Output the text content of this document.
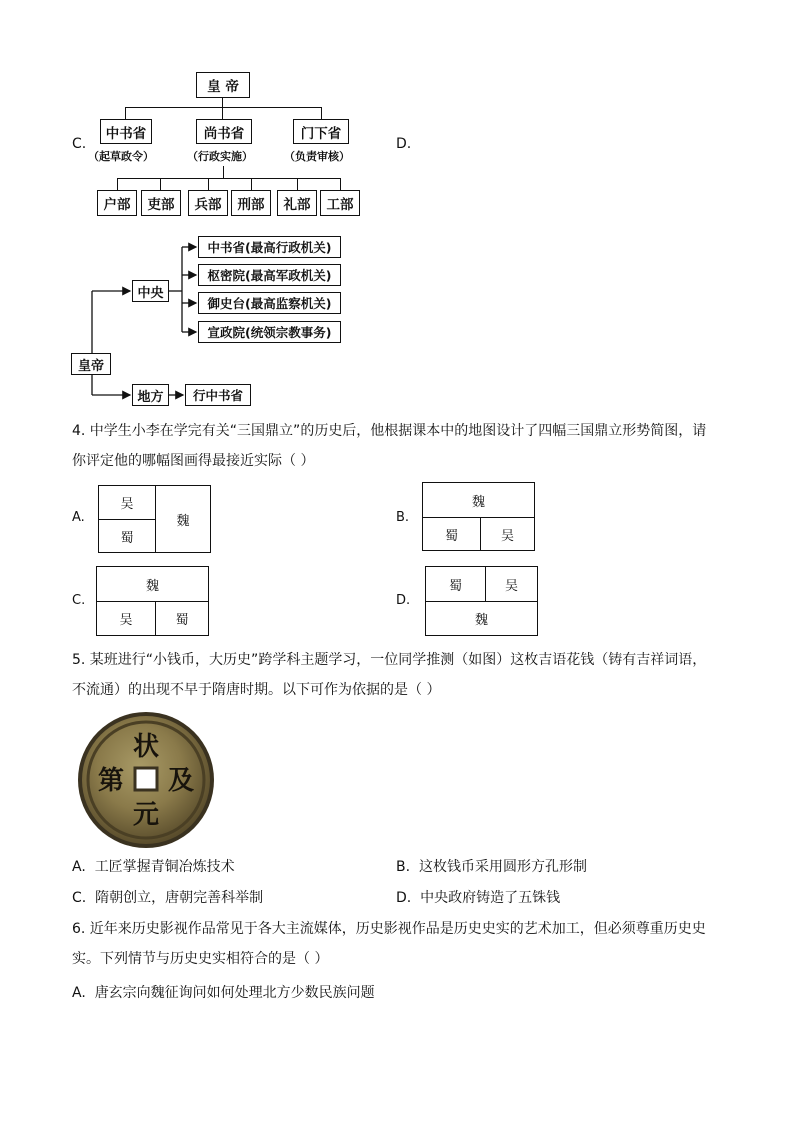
C.	D.
皇 帝
中书省	尚书省	门下省
（起草政令）	（行政实施）	（负责审核）
户部	吏部	兵部	刑部	礼部	工部
皇帝
中央
地方
中书省(最高行政机关)
枢密院(最高军政机关)
御史台(最高监察机关)
宣政院(统领宗教事务)
行中书省
4. 中学生小李在学完有关“三国鼎立”的历史后，他根据课本中的地图设计了四幅三国鼎立形势简图，请
你评定他的哪幅图画得最接近实际（ ）
A.
吴
蜀
魏	B.
魏
蜀	吴
C.
魏
吴	蜀
D.
蜀	吴
魏
5. 某班进行“小钱币，大历史”跨学科主题学习，一位同学推测（如图）这枚吉语花钱（铸有吉祥词语，
不流通）的出现不早于隋唐时期。以下可作为依据的是（ ）
状
元
第 及
A. 工匠掌握青铜冶炼技术	B. 这枚钱币采用圆形方孔形制
C. 隋朝创立，唐朝完善科举制	D. 中央政府铸造了五铢钱
6. 近年来历史影视作品常见于各大主流媒体，历史影视作品是历史史实的艺术加工，但必须尊重历史史
实。下列情节与历史史实相符合的是（ ）
A. 唐玄宗向魏征询问如何处理北方少数民族问题
